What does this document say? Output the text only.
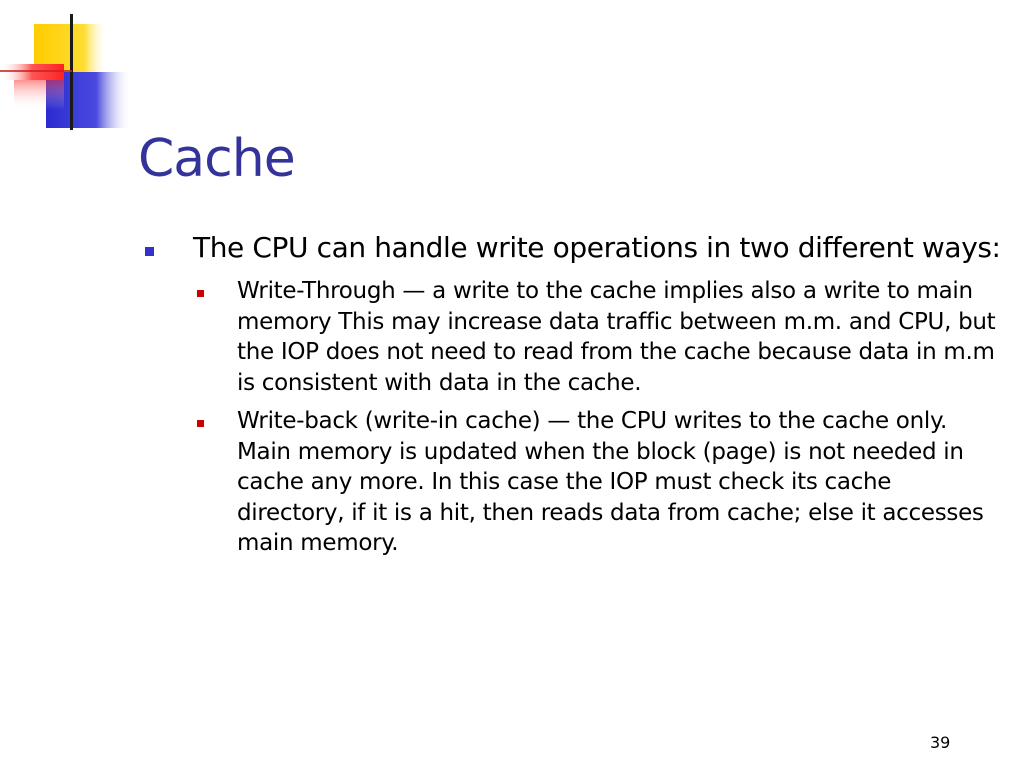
Cache
The CPU can handle write operations in two different ways:
Write-Through — a write to the cache implies also a write to main memory This may increase data traffic between m.m. and CPU, but the IOP does not need to read from the cache because data in m.m is consistent with data in the cache.
Write-back (write-in cache) — the CPU writes to the cache only. Main memory is updated when the block (page) is not needed in cache any more. In this case the IOP must check its cache directory, if it is a hit, then reads data from cache; else it accesses main memory.
39
